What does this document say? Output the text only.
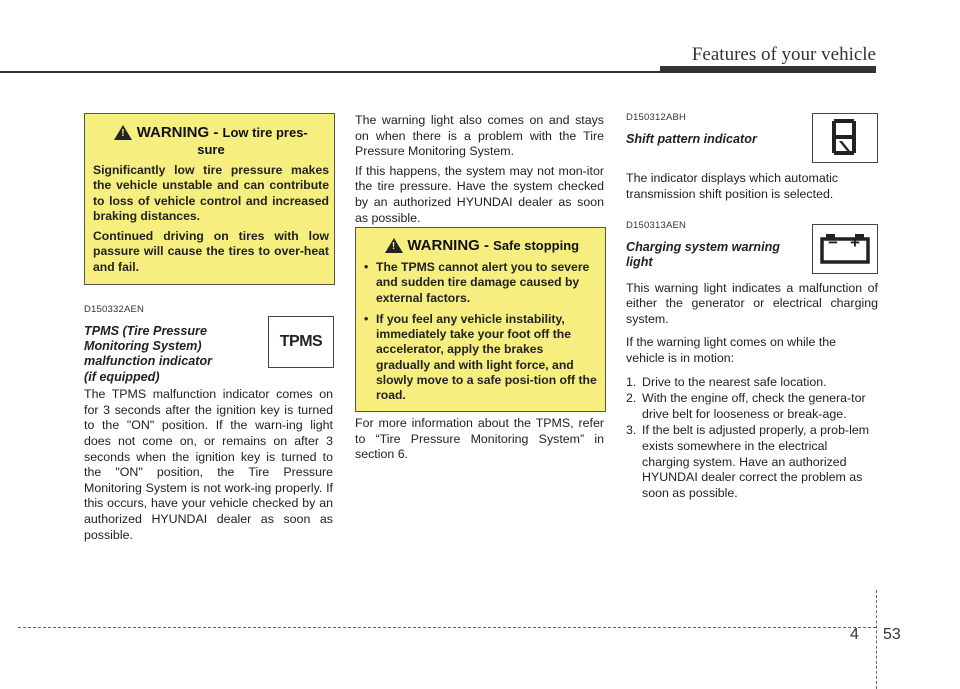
Features of your vehicle
! WARNING - Low tire pres-
sure
Significantly low tire pressure makes the vehicle unstable and can contribute to loss of vehicle control and increased braking distances.
Continued driving on tires with low passure will cause the tires to over-heat and fail.
D150332AEN
TPMS (Tire Pressure
Monitoring System)
malfunction indicator
(if equipped)

The TPMS malfunction indicator comes on for 3 seconds after the ignition key is turned to the "ON" position. If the warn-ing light does not come on, or remains on after 3 seconds when the ignition key is turned to the "ON" position, the Tire Pressure Monitoring System is not work-ing properly. If this occurs, have your vehicle checked by an authorized HYUNDAI dealer as soon as possible.

TPMS

The warning light also comes on and stays on when there is a problem with the Tire Pressure Monitoring System.

If this happens, the system may not mon-itor the tire pressure. Have the system checked by an authorized HYUNDAI dealer as soon as possible.

! WARNING - Safe stopping
• The TPMS cannot alert you to severe and sudden tire damage caused by external factors.
• If you feel any vehicle instability, immediately take your foot off the accelerator, apply the brakes gradually and with light force, and slowly move to a safe posi-tion off the road.

For more information about the TPMS, refer to “Tire Pressure Monitoring System” in section 6.

D150312ABH
Shift pattern indicator

The indicator displays which automatic transmission shift position is selected.

D150313AEN
Charging system warning
light

This warning light indicates a malfunction of either the generator or electrical charging system.

If the warning light comes on while the vehicle is in motion:

1. Drive to the nearest safe location.
2. With the engine off, check the genera-tor drive belt for looseness or break-age.
3. If the belt is adjusted properly, a prob-lem exists somewhere in the electrical charging system. Have an authorized HYUNDAI dealer correct the problem as soon as possible.
− +
4 53
